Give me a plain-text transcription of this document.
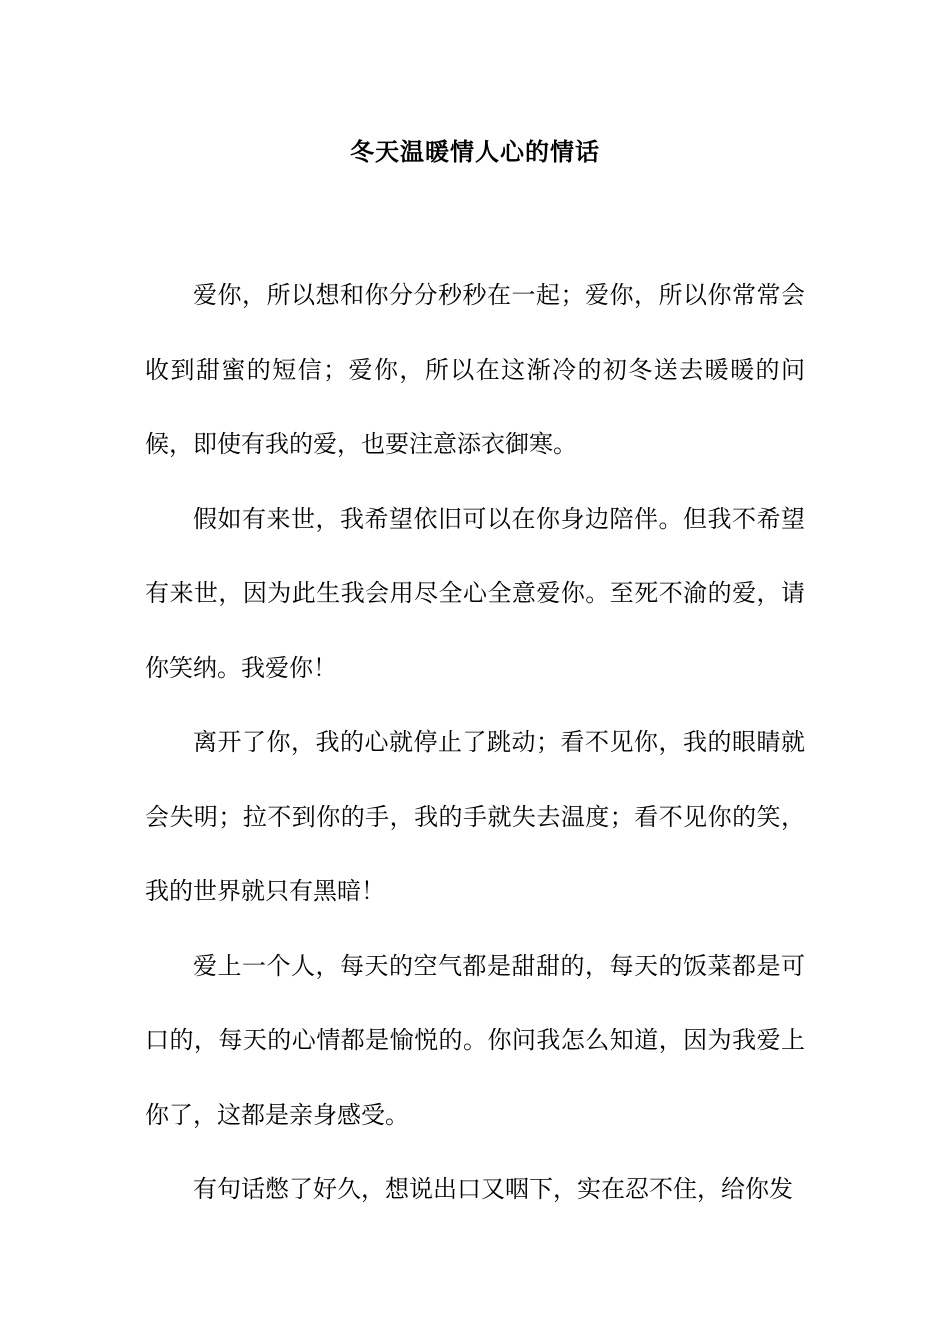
冬天温暖情人心的情话

爱你，所以想和你分分秒秒在一起；爱你，所以你常常会收到甜蜜的短信；爱你，所以在这渐冷的初冬送去暖暖的问候，即使有我的爱，也要注意添衣御寒。

假如有来世，我希望依旧可以在你身边陪伴。但我不希望有来世，因为此生我会用尽全心全意爱你。至死不渝的爱，请你笑纳。我爱你！

离开了你，我的心就停止了跳动；看不见你，我的眼睛就会失明；拉不到你的手，我的手就失去温度；看不见你的笑，我的世界就只有黑暗！

爱上一个人，每天的空气都是甜甜的，每天的饭菜都是可口的，每天的心情都是愉悦的。你问我怎么知道，因为我爱上你了，这都是亲身感受。

有句话憋了好久，想说出口又咽下，实在忍不住，给你发
